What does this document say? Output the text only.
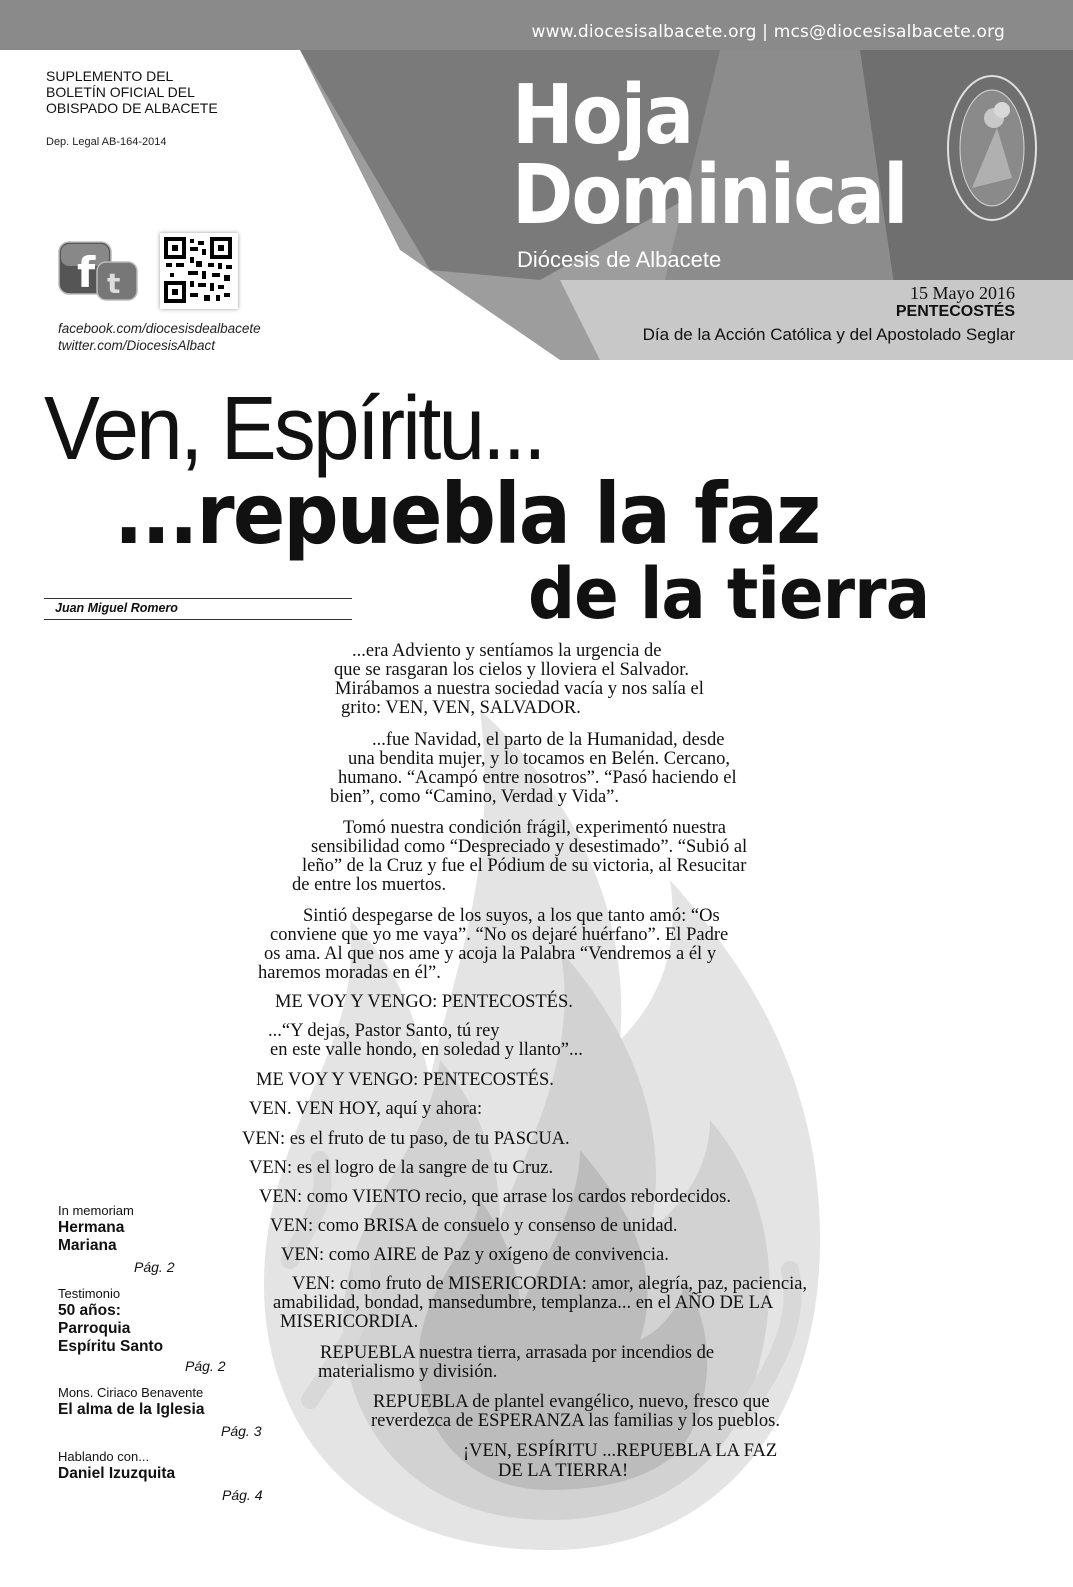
www.diocesisalbacete.org | mcs@diocesisalbacete.org
SUPLEMENTO DEL
BOLETÍN OFICIAL DEL
OBISPADO DE ALBACETE
Dep. Legal AB-164-2014
f t
facebook.com/diocesisdealbacete
twitter.com/DiocesisAlbact
Hoja
Dominical
Diócesis de Albacete
15 Mayo 2016
PENTECOSTÉS
Día de la Acción Católica y del Apostolado Seglar
Ven, Espíritu...
...repuebla la faz
de la tierra
Juan Miguel Romero
...era Adviento y sentíamos la urgencia de
que se rasgaran los cielos y lloviera el Salvador.
Mirábamos a nuestra sociedad vacía y nos salía el
grito: VEN, VEN, SALVADOR.
...fue Navidad, el parto de la Humanidad, desde
una bendita mujer, y lo tocamos en Belén. Cercano,
humano. “Acampó entre nosotros”. “Pasó haciendo el
bien”, como “Camino, Verdad y Vida”.
Tomó nuestra condición frágil, experimentó nuestra
sensibilidad como “Despreciado y desestimado”. “Subió al
leño” de la Cruz y fue el Pódium de su victoria, al Resucitar
de entre los muertos.
Sintió despegarse de los suyos, a los que tanto amó: “Os
conviene que yo me vaya”. “No os dejaré huérfano”. El Padre
os ama. Al que nos ame y acoja la Palabra “Vendremos a él y
haremos moradas en él”.
ME VOY Y VENGO: PENTECOSTÉS.
...“Y dejas, Pastor Santo, tú rey
en este valle hondo, en soledad y llanto”...
ME VOY Y VENGO: PENTECOSTÉS.
VEN. VEN HOY, aquí y ahora:
VEN: es el fruto de tu paso, de tu PASCUA.
VEN: es el logro de la sangre de tu Cruz.
VEN: como VIENTO recio, que arrase los cardos rebordecidos.
VEN: como BRISA de consuelo y consenso de unidad.
VEN: como AIRE de Paz y oxígeno de convivencia.
VEN: como fruto de MISERICORDIA: amor, alegría, paz, paciencia,
amabilidad, bondad, mansedumbre, templanza... en el AÑO DE LA
MISERICORDIA.
REPUEBLA nuestra tierra, arrasada por incendios de
materialismo y división.
REPUEBLA de plantel evangélico, nuevo, fresco que
reverdezca de ESPERANZA las familias y los pueblos.
¡VEN, ESPÍRITU ...REPUEBLA LA FAZ
DE LA TIERRA!
In memoriam
Hermana
Mariana
Pág. 2
Testimonio
50 años:
Parroquia
Espíritu Santo
Pág. 2
Mons. Ciriaco Benavente
El alma de la Iglesia
Pág. 3
Hablando con...
Daniel Izuzquita
Pág. 4
